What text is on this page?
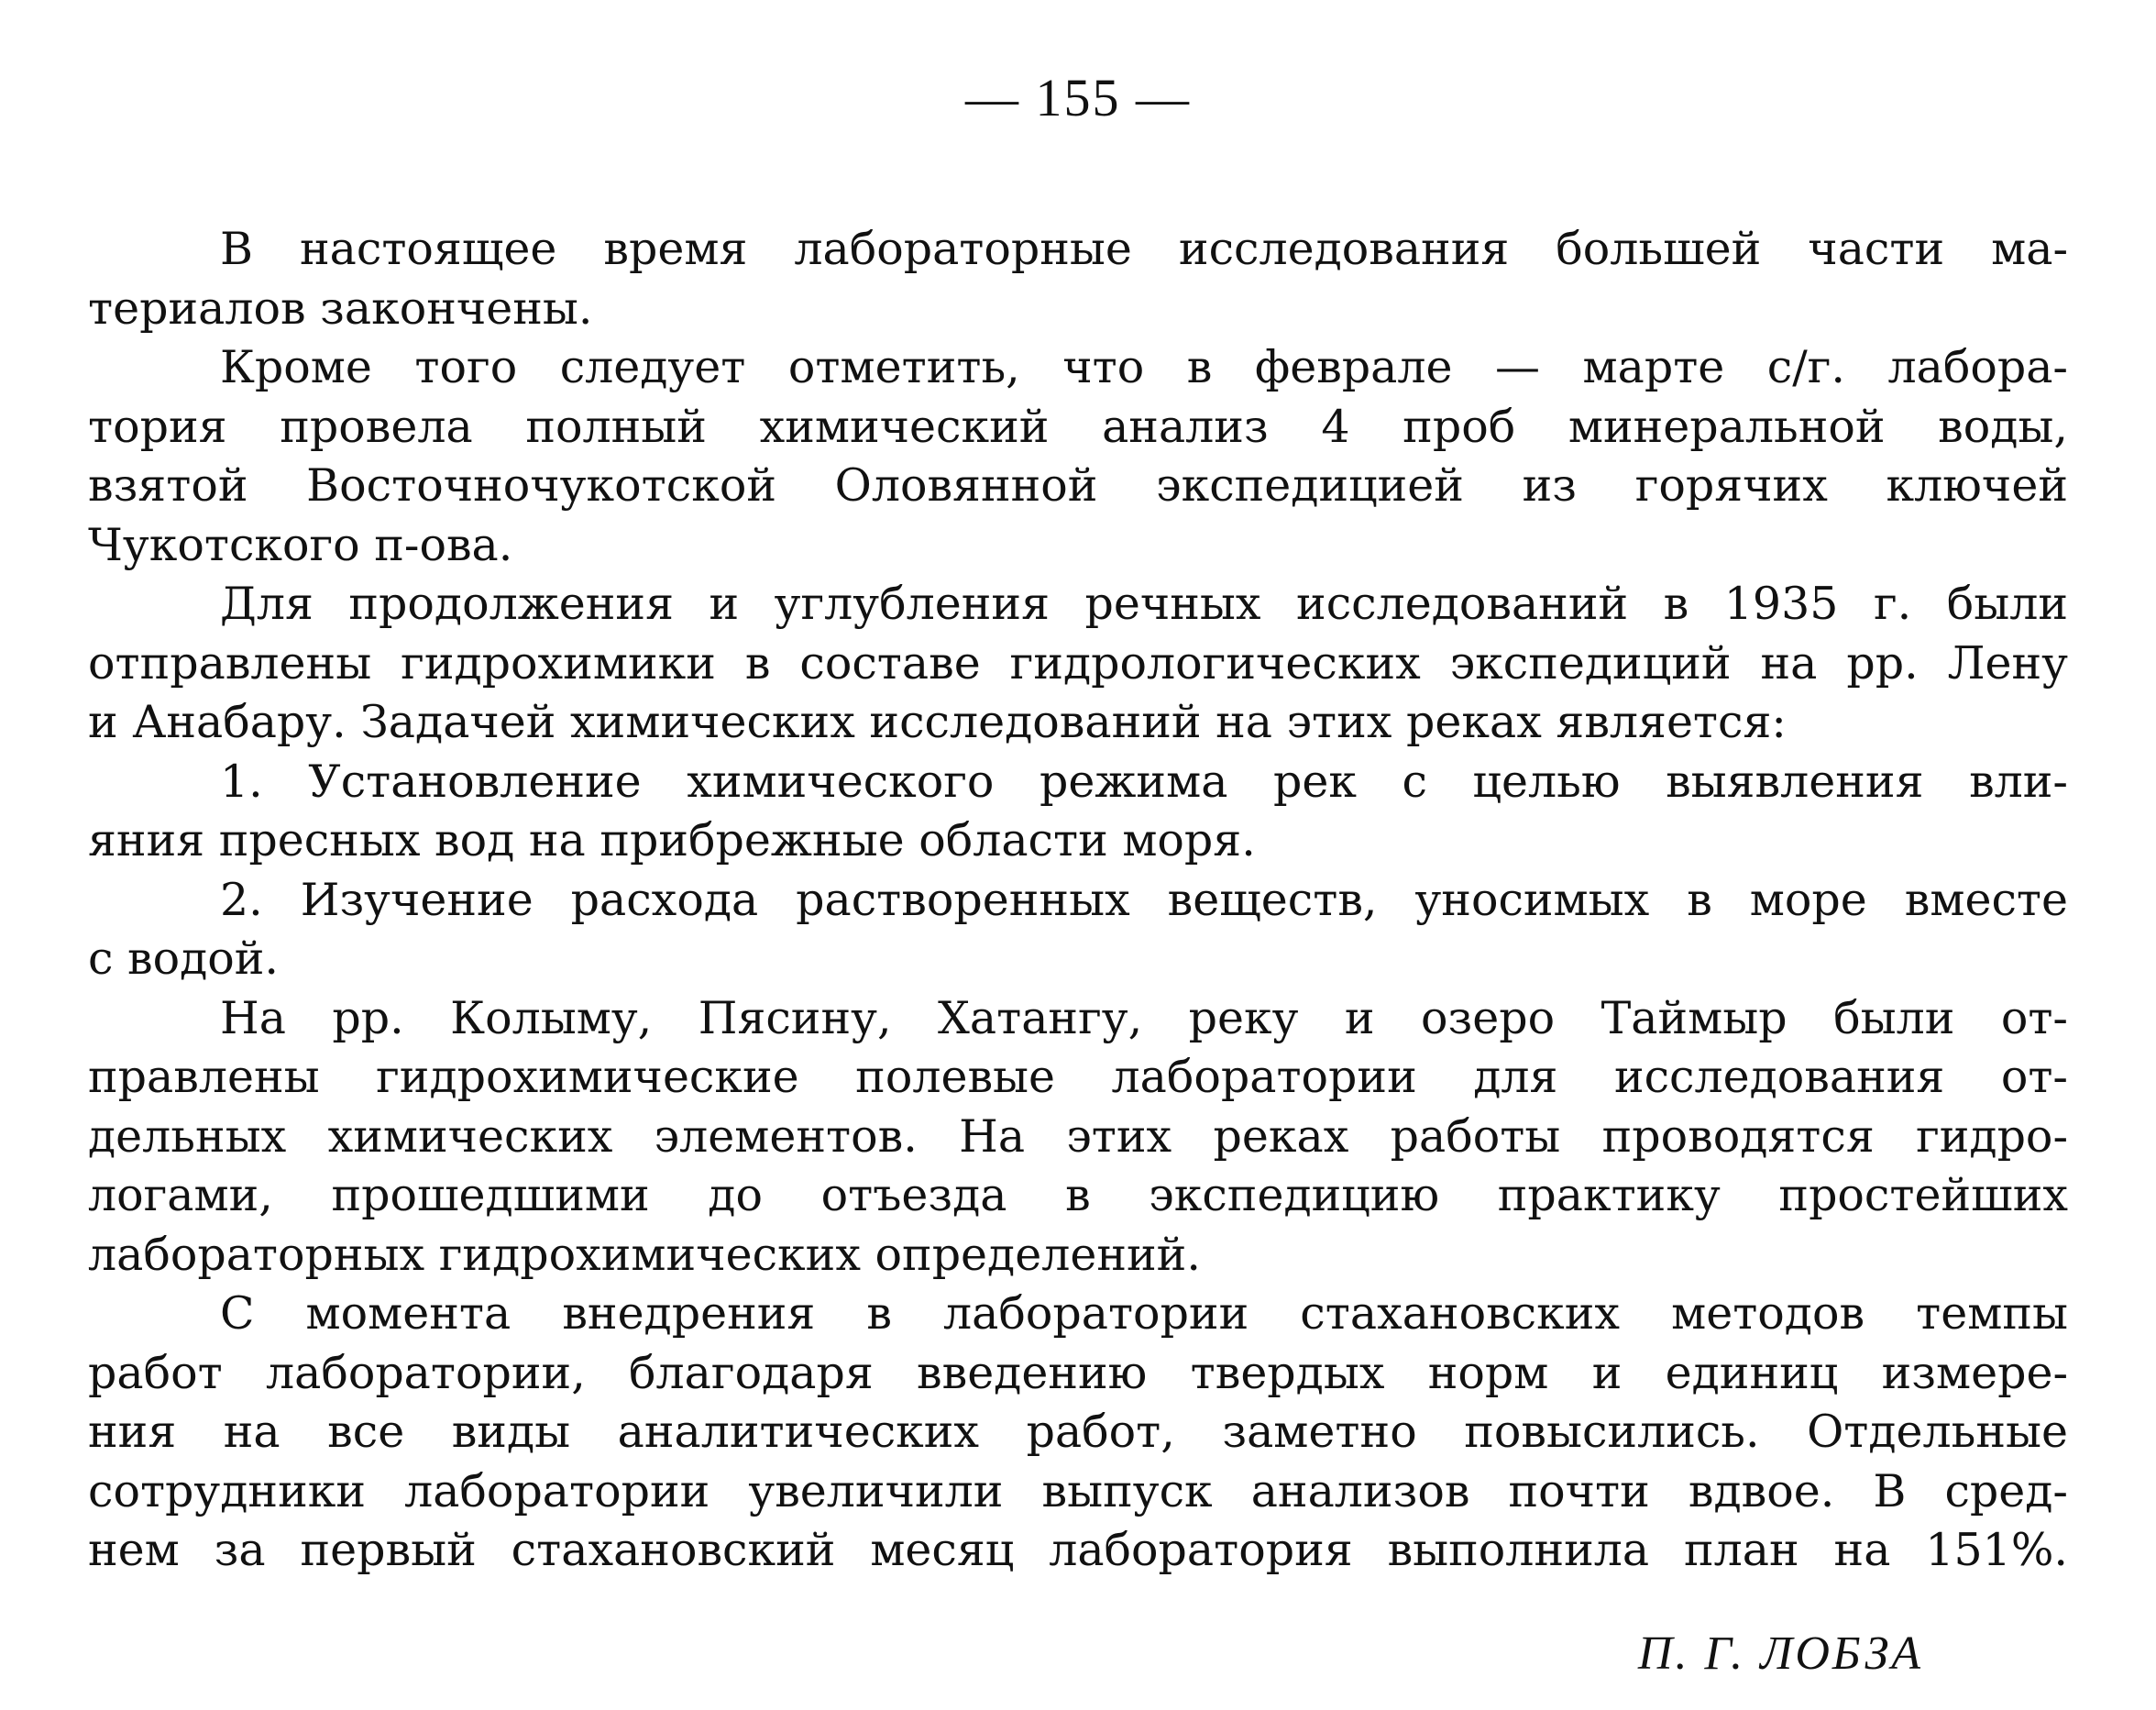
— 155 —
В настоящее время лабораторные исследования большей части ма-
териалов закончены.
Кроме того следует отметить, что в феврале — марте с/г. лабора-
тория провела полный химический анализ 4 проб минеральной воды,
взятой Восточночукотской Оловянной экспедицией из горячих ключей
Чукотского п-ова.
Для продолжения и углубления речных исследований в 1935 г. были
отправлены гидрохимики в составе гидрологических экспедиций на рр. Лену
и Анабару. Задачей химических исследований на этих реках является:
1. Установление химического режима рек с целью выявления вли-
яния пресных вод на прибрежные области моря.
2. Изучение расхода растворенных веществ, уносимых в море вместе
с водой.
На рр. Колыму, Пясину, Хатангу, реку и озеро Таймыр были от-
правлены гидрохимические полевые лаборатории для исследования от-
дельных химических элементов. На этих реках работы проводятся гидро-
логами, прошедшими до отъезда в экспедицию практику простейших
лабораторных гидрохимических определений.
С момента внедрения в лаборатории стахановских методов темпы
работ лаборатории, благодаря введению твердых норм и единиц измере-
ния на все виды аналитических работ, заметно повысились. Отдельные
сотрудники лаборатории увеличили выпуск анализов почти вдвое. В сред-
нем за первый стахановский месяц лаборатория выполнила план на 151%.
П. Г. ЛОБЗА
